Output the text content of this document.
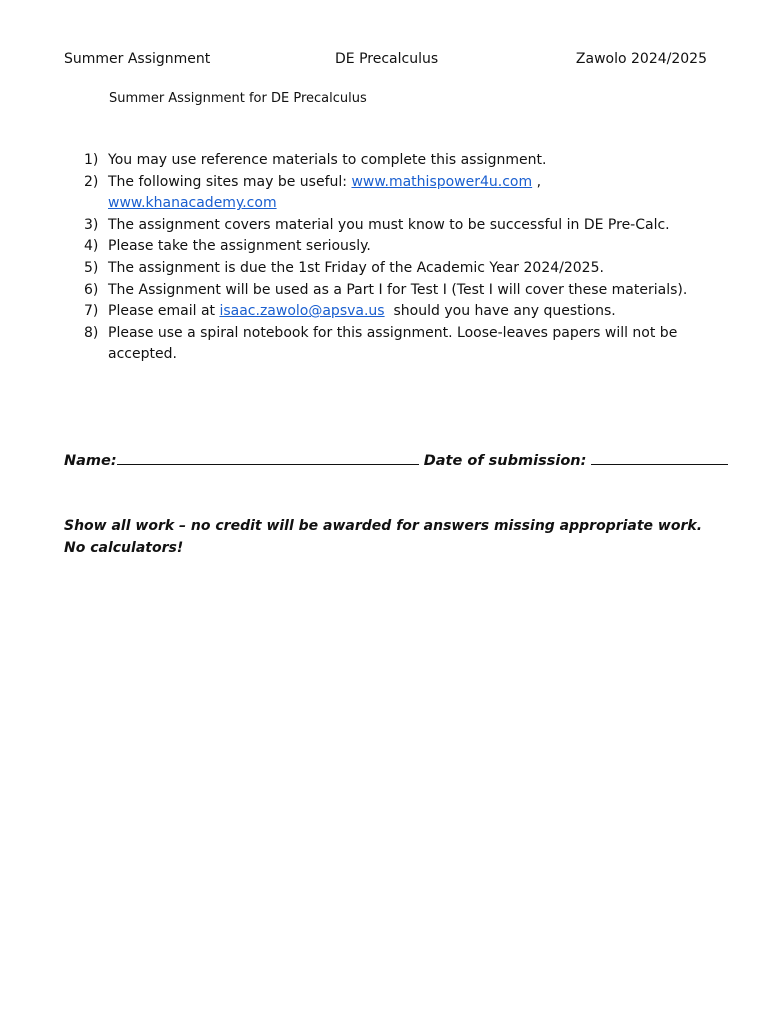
Summer Assignment	DE Precalculus	Zawolo 2024/2025
Summer Assignment for DE Precalculus
1) You may use reference materials to complete this assignment.
2) The following sites may be useful: www.mathispower4u.com , www.khanacademy.com
3) The assignment covers material you must know to be successful in DE Pre-Calc.
4) Please take the assignment seriously.
5) The assignment is due the 1st Friday of the Academic Year 2024/2025.
6) The Assignment will be used as a Part I for Test I (Test I will cover these materials).
7) Please email at isaac.zawolo@apsva.us  should you have any questions.
8) Please use a spiral notebook for this assignment. Loose-leaves papers will not be accepted.
Name:	Date of submission:
Show all work – no credit will be awarded for answers missing appropriate work.
No calculators!
